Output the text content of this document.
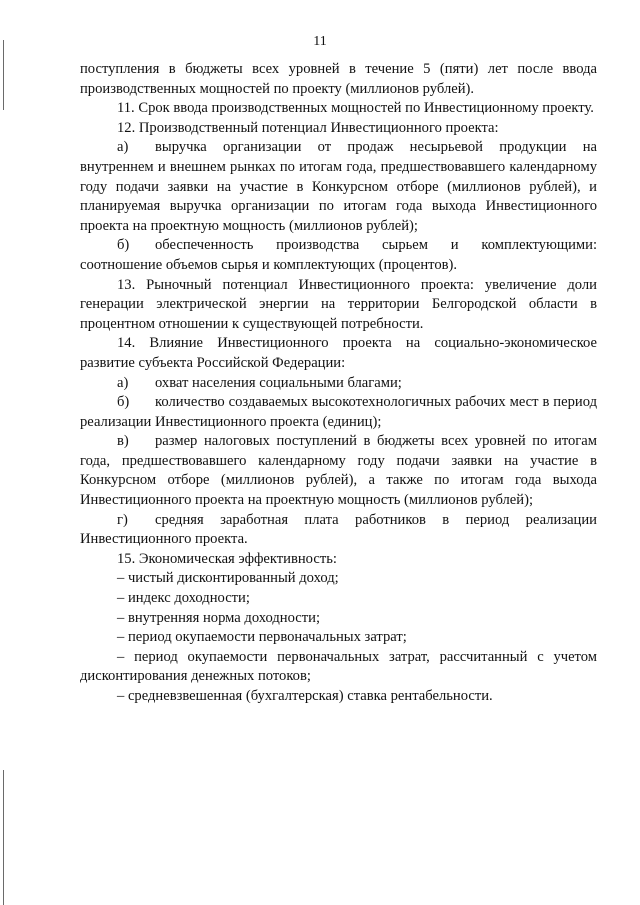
11

поступления в бюджеты всех уровней в течение 5 (пяти) лет после ввода производственных мощностей по проекту (миллионов рублей).

11. Срок ввода производственных мощностей по Инвестиционному проекту.

12. Производственный потенциал Инвестиционного проекта:

а) выручка организации от продаж несырьевой продукции на внутреннем и внешнем рынках по итогам года, предшествовавшего календарному году подачи заявки на участие в Конкурсном отборе (миллионов рублей), и планируемая выручка организации по итогам года выхода Инвестиционного проекта на проектную мощность (миллионов рублей);

б) обеспеченность производства сырьем и комплектующими: соотношение объемов сырья и комплектующих (процентов).

13. Рыночный потенциал Инвестиционного проекта: увеличение доли генерации электрической энергии на территории Белгородской области в процентном отношении к существующей потребности.

14. Влияние Инвестиционного проекта на социально-экономическое развитие субъекта Российской Федерации:

а) охват населения социальными благами;

б) количество создаваемых высокотехнологичных рабочих мест в период реализации Инвестиционного проекта (единиц);

в) размер налоговых поступлений в бюджеты всех уровней по итогам года, предшествовавшего календарному году подачи заявки на участие в Конкурсном отборе (миллионов рублей), а также по итогам года выхода Инвестиционного проекта на проектную мощность (миллионов рублей);

г) средняя заработная плата работников в период реализации Инвестиционного проекта.

15. Экономическая эффективность:

– чистый дисконтированный доход;

– индекс доходности;

– внутренняя норма доходности;

– период окупаемости первоначальных затрат;

– период окупаемости первоначальных затрат, рассчитанный с учетом дисконтирования денежных потоков;

– средневзвешенная (бухгалтерская) ставка рентабельности.
